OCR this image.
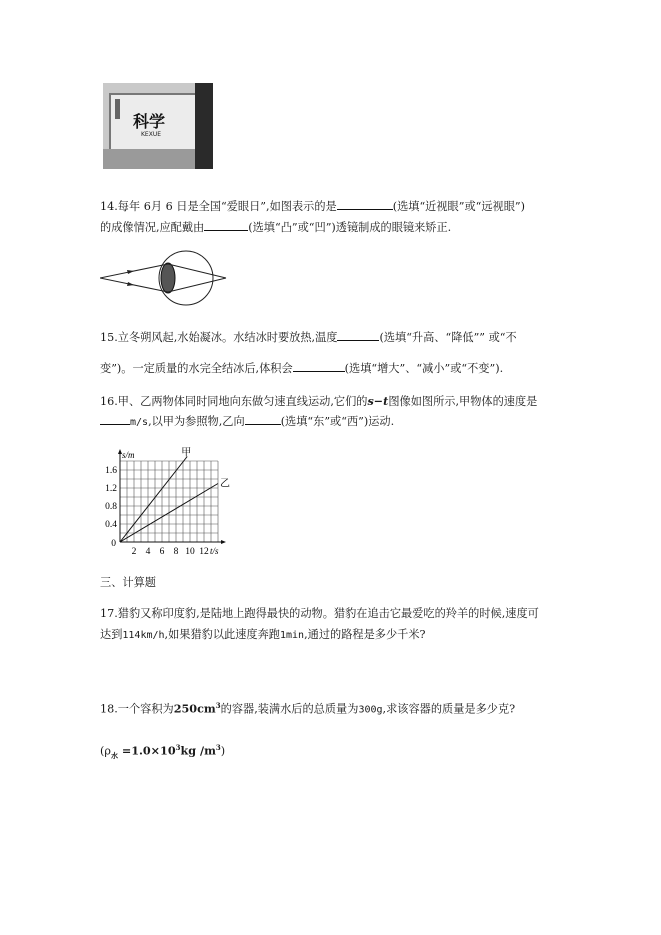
科学
KEXUE
14.每年 6月 6 日是全国“爱眼日”,如图表示的是	(选填“近视眼”或“远视眼”)
的成像情况,应配戴由	(选填“凸”或“凹”)透镜制成的眼镜来矫正.
15.立冬朔风起,水始凝冰。水结冰时要放热,温度	(选填“升高、“降低”” 或“不
变”)。一定质量的水完全结冰后,体积会	(选填“增大”、“减小”或“不变”).
16.甲、乙两物体同时同地向东做匀速直线运动,它们的s−t图像如图所示,甲物体的速度是
m/s,以甲为参照物,乙向	(选填“东”或“西”)运动.
2 4 6 8 10 12
0.4
0.8
1.2
1.6
0
s/m
t/s
甲
乙
三、计算题
17.猎豹又称印度豹,是陆地上跑得最快的动物。猎豹在追击它最爱吃的羚羊的时候,速度可
达到114km/h,如果猎豹以此速度奔跑1min,通过的路程是多少千米?
18.一个容积为$250cm^3$的容器,装满水后的总质量为300g,求该容器的质量是多少克?
($\rho_水 =1.0\times 10^3kg$ $/m^3$)
